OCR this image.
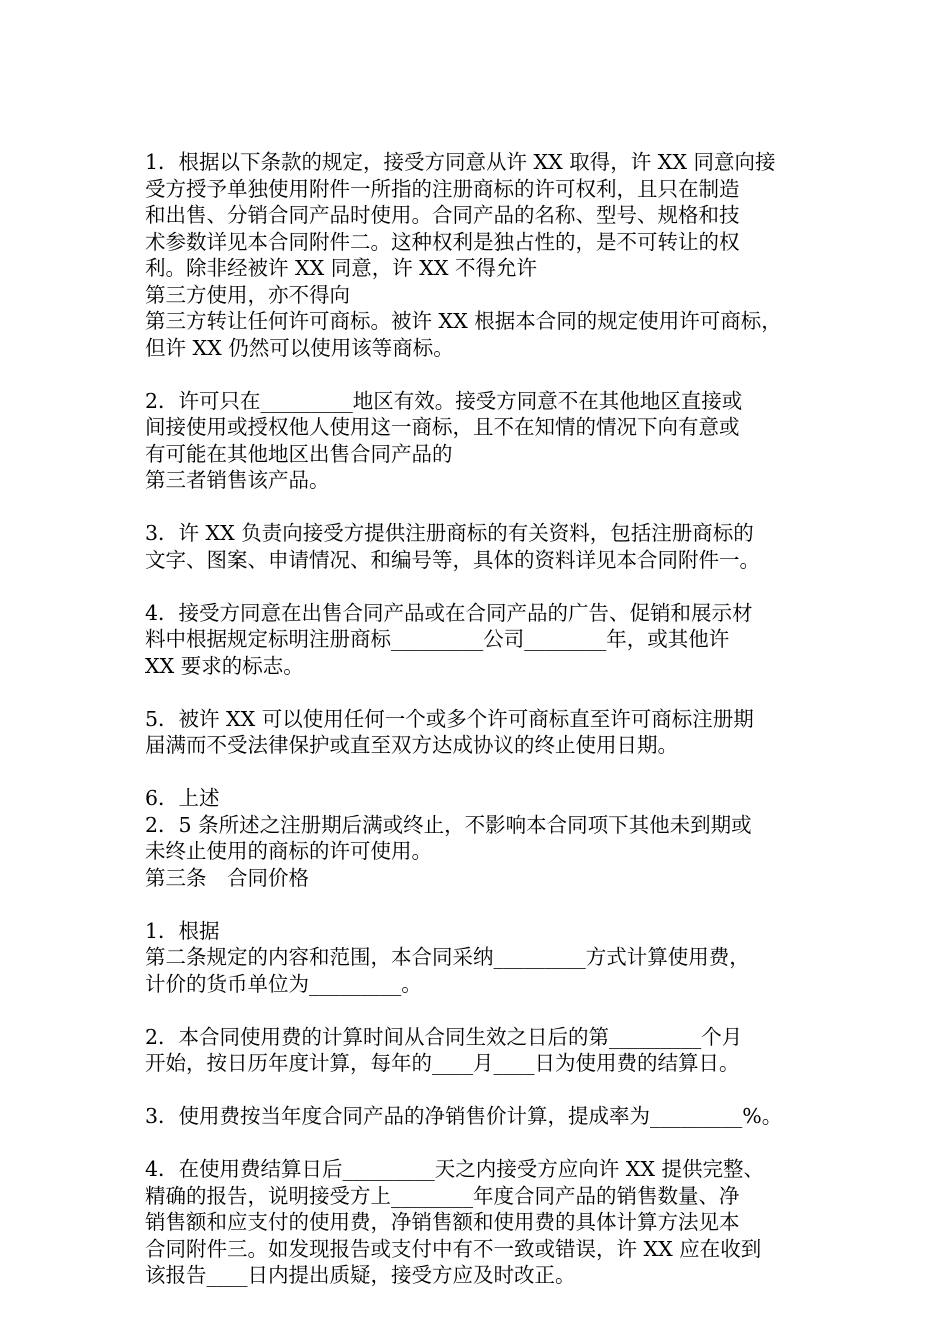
1．根据以下条款的规定，接受方同意从许 XX 取得，许 XX 同意向接
受方授予单独使用附件一所指的注册商标的许可权利，且只在制造
和出售、分销合同产品时使用。合同产品的名称、型号、规格和技
术参数详见本合同附件二。这种权利是独占性的，是不可转让的权
利。除非经被许 XX 同意，许 XX 不得允许
第三方使用，亦不得向
第三方转让任何许可商标。被许 XX 根据本合同的规定使用许可商标，
但许 XX 仍然可以使用该等商标。

2．许可只在_________地区有效。接受方同意不在其他地区直接或
间接使用或授权他人使用这一商标，且不在知情的情况下向有意或
有可能在其他地区出售合同产品的
第三者销售该产品。

3．许 XX 负责向接受方提供注册商标的有关资料，包括注册商标的
文字、图案、申请情况、和编号等，具体的资料详见本合同附件一。

4．接受方同意在出售合同产品或在合同产品的广告、促销和展示材
料中根据规定标明注册商标_________公司________年，或其他许
XX 要求的标志。

5．被许 XX 可以使用任何一个或多个许可商标直至许可商标注册期
届满而不受法律保护或直至双方达成协议的终止使用日期。

6．上述
2．5 条所述之注册期后满或终止，不影响本合同项下其他未到期或
未终止使用的商标的许可使用。
第三条　合同价格

1．根据
第二条规定的内容和范围，本合同采纳_________方式计算使用费，
计价的货币单位为_________。

2．本合同使用费的计算时间从合同生效之日后的第_________个月
开始，按日历年度计算，每年的____月____日为使用费的结算日。

3．使用费按当年度合同产品的净销售价计算，提成率为_________%。

4．在使用费结算日后_________天之内接受方应向许 XX 提供完整、
精确的报告，说明接受方上________年度合同产品的销售数量、净
销售额和应支付的使用费，净销售额和使用费的具体计算方法见本
合同附件三。如发现报告或支付中有不一致或错误，许 XX 应在收到
该报告____日内提出质疑，接受方应及时改正。
